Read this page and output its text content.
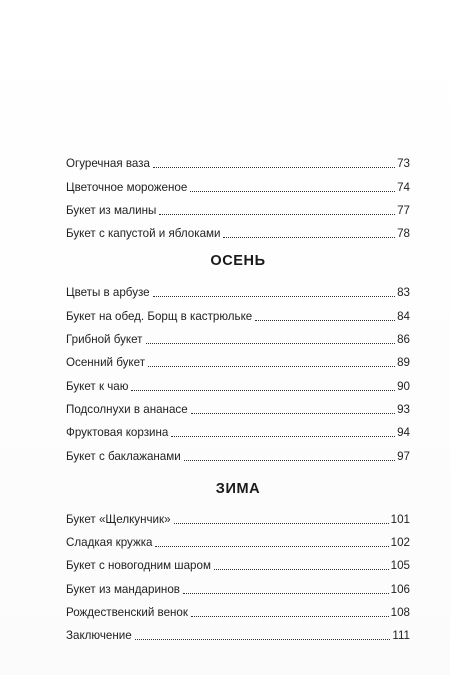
Огуречная ваза	73
Цветочное мороженое	74
Букет из малины	77
Букет с капустой и яблоками	78
ОСЕНЬ
Цветы в арбузе	83
Букет на обед. Борщ в кастрюльке	84
Грибной букет	86
Осенний букет	89
Букет к чаю	90
Подсолнухи в ананасе	93
Фруктовая корзина	94
Букет с баклажанами	97
ЗИМА
Букет «Щелкунчик»	101
Сладкая кружка	102
Букет с новогодним шаром	105
Букет из мандаринов	106
Рождественский венок	108
Заключение	111
